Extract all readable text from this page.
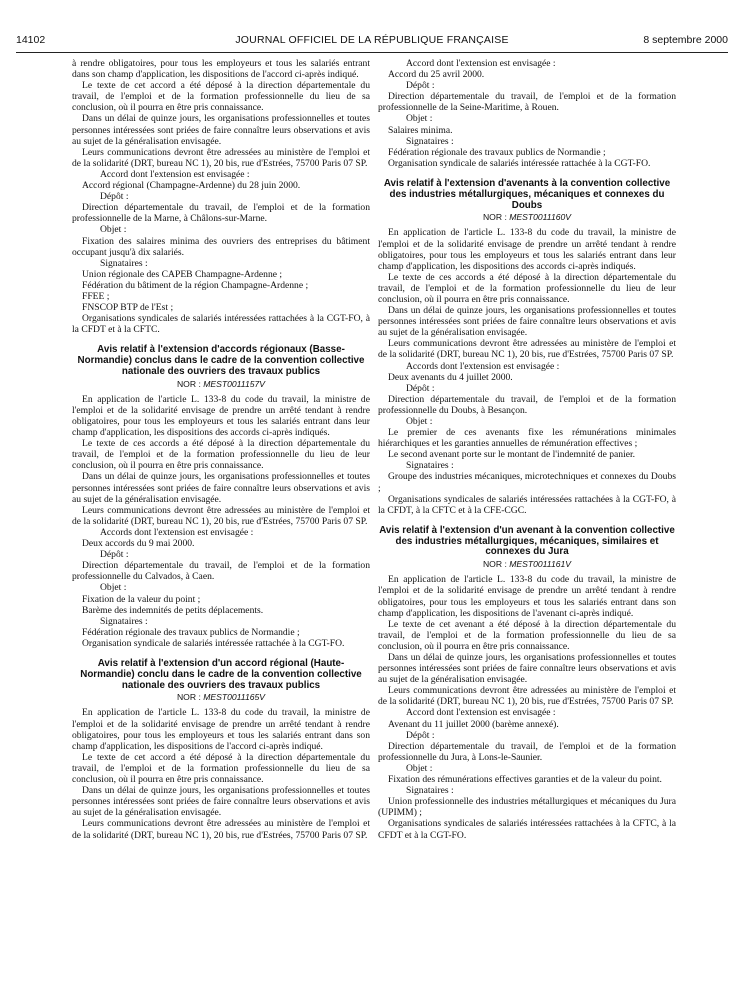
14102	JOURNAL OFFICIEL DE LA RÉPUBLIQUE FRANÇAISE	8 septembre 2000

à rendre obligatoires, pour tous les employeurs et tous les salariés entrant dans son champ d'application, les dispositions de l'accord ci-après indiqué.

Le texte de cet accord a été déposé à la direction départementale du travail, de l'emploi et de la formation professionnelle du lieu de sa conclusion, où il pourra en être pris connaissance.

Dans un délai de quinze jours, les organisations professionnelles et toutes personnes intéressées sont priées de faire connaître leurs observations et avis au sujet de la généralisation envisagée.

Leurs communications devront être adressées au ministère de l'emploi et de la solidarité (DRT, bureau NC 1), 20 bis, rue d'Estrées, 75700 Paris 07 SP.

Accord dont l'extension est envisagée :

Accord régional (Champagne-Ardenne) du 28 juin 2000.

Dépôt :

Direction départementale du travail, de l'emploi et de la formation professionnelle de la Marne, à Châlons-sur-Marne.

Objet :

Fixation des salaires minima des ouvriers des entreprises du bâtiment occupant jusqu'à dix salariés.

Signataires :

Union régionale des CAPEB Champagne-Ardenne ;

Fédération du bâtiment de la région Champagne-Ardenne ;

FFEE ;

FNSCOP BTP de l'Est ;

Organisations syndicales de salariés intéressées rattachées à la CGT-FO, à la CFDT et à la CFTC.

Avis relatif à l'extension d'accords régionaux (Basse-Normandie) conclus dans le cadre de la convention collective nationale des ouvriers des travaux publics
NOR : MEST0011157V

En application de l'article L. 133-8 du code du travail, la ministre de l'emploi et de la solidarité envisage de prendre un arrêté tendant à rendre obligatoires, pour tous les employeurs et tous les salariés entrant dans leur champ d'application, les dispositions des accords ci-après indiqués.

Le texte de ces accords a été déposé à la direction départementale du travail, de l'emploi et de la formation professionnelle du lieu de leur conclusion, où il pourra en être pris connaissance.

Dans un délai de quinze jours, les organisations professionnelles et toutes personnes intéressées sont priées de faire connaître leurs observations et avis au sujet de la généralisation envisagée.

Leurs communications devront être adressées au ministère de l'emploi et de la solidarité (DRT, bureau NC 1), 20 bis, rue d'Estrées, 75700 Paris 07 SP.

Accords dont l'extension est envisagée :

Deux accords du 9 mai 2000.

Dépôt :

Direction départementale du travail, de l'emploi et de la formation professionnelle du Calvados, à Caen.

Objet :

Fixation de la valeur du point ;

Barème des indemnités de petits déplacements.

Signataires :

Fédération régionale des travaux publics de Normandie ;

Organisation syndicale de salariés intéressée rattachée à la CGT-FO.

Avis relatif à l'extension d'un accord régional (Haute-Normandie) conclu dans le cadre de la convention collective nationale des ouvriers des travaux publics
NOR : MEST0011165V

En application de l'article L. 133-8 du code du travail, la ministre de l'emploi et de la solidarité envisage de prendre un arrêté tendant à rendre obligatoires, pour tous les employeurs et tous les salariés entrant dans son champ d'application, les dispositions de l'accord ci-après indiqué.

Le texte de cet accord a été déposé à la direction départementale du travail, de l'emploi et de la formation professionnelle du lieu de sa conclusion, où il pourra en être pris connaissance.

Dans un délai de quinze jours, les organisations professionnelles et toutes personnes intéressées sont priées de faire connaître leurs observations et avis au sujet de la généralisation envisagée.

Leurs communications devront être adressées au ministère de l'emploi et de la solidarité (DRT, bureau NC 1), 20 bis, rue d'Estrées, 75700 Paris 07 SP.

Accord dont l'extension est envisagée :

Accord du 25 avril 2000.

Dépôt :

Direction départementale du travail, de l'emploi et de la formation professionnelle de la Seine-Maritime, à Rouen.

Objet :

Salaires minima.

Signataires :

Fédération régionale des travaux publics de Normandie ;

Organisation syndicale de salariés intéressée rattachée à la CGT-FO.

Avis relatif à l'extension d'avenants à la convention collective des industries métallurgiques, mécaniques et connexes du Doubs
NOR : MEST0011160V

En application de l'article L. 133-8 du code du travail, la ministre de l'emploi et de la solidarité envisage de prendre un arrêté tendant à rendre obligatoires, pour tous les employeurs et tous les salariés entrant dans leur champ d'application, les dispositions des accords ci-après indiqués.

Le texte de ces accords a été déposé à la direction départementale du travail, de l'emploi et de la formation professionnelle du lieu de leur conclusion, où il pourra en être pris connaissance.

Dans un délai de quinze jours, les organisations professionnelles et toutes personnes intéressées sont priées de faire connaître leurs observations et avis au sujet de la généralisation envisagée.

Leurs communications devront être adressées au ministère de l'emploi et de la solidarité (DRT, bureau NC 1), 20 bis, rue d'Estrées, 75700 Paris 07 SP.

Accords dont l'extension est envisagée :

Deux avenants du 4 juillet 2000.

Dépôt :

Direction départementale du travail, de l'emploi et de la formation professionnelle du Doubs, à Besançon.

Objet :

Le premier de ces avenants fixe les rémunérations minimales hiérarchiques et les garanties annuelles de rémunération effectives ;

Le second avenant porte sur le montant de l'indemnité de panier.

Signataires :

Groupe des industries mécaniques, microtechniques et connexes du Doubs ;

Organisations syndicales de salariés intéressées rattachées à la CGT-FO, à la CFDT, à la CFTC et à la CFE-CGC.

Avis relatif à l'extension d'un avenant à la convention collective des industries métallurgiques, mécaniques, similaires et connexes du Jura
NOR : MEST0011161V

En application de l'article L. 133-8 du code du travail, la ministre de l'emploi et de la solidarité envisage de prendre un arrêté tendant à rendre obligatoires, pour tous les employeurs et tous les salariés entrant dans son champ d'application, les dispositions de l'avenant ci-après indiqué.

Le texte de cet avenant a été déposé à la direction départementale du travail, de l'emploi et de la formation professionnelle du lieu de sa conclusion, où il pourra en être pris connaissance.

Dans un délai de quinze jours, les organisations professionnelles et toutes personnes intéressées sont priées de faire connaître leurs observations et avis au sujet de la généralisation envisagée.

Leurs communications devront être adressées au ministère de l'emploi et de la solidarité (DRT, bureau NC 1), 20 bis, rue d'Estrées, 75700 Paris 07 SP.

Accord dont l'extension est envisagée :

Avenant du 11 juillet 2000 (barème annexé).

Dépôt :

Direction départementale du travail, de l'emploi et de la formation professionnelle du Jura, à Lons-le-Saunier.

Objet :

Fixation des rémunérations effectives garanties et de la valeur du point.

Signataires :

Union professionnelle des industries métallurgiques et mécaniques du Jura (UPIMM) ;

Organisations syndicales de salariés intéressées rattachées à la CFTC, à la CFDT et à la CGT-FO.
